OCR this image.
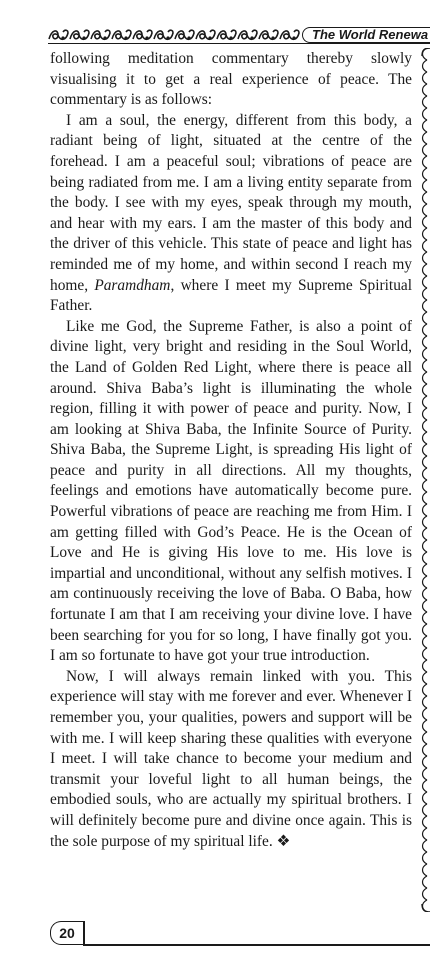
The World Renewa

following meditation commentary thereby slowly visualising it to get a real experience of peace. The commentary is as follows:

I am a soul, the energy, different from this body, a radiant being of light, situated at the centre of the forehead. I am a peaceful soul; vibrations of peace are being radiated from me. I am a living entity separate from the body. I see with my eyes, speak through my mouth, and hear with my ears. I am the master of this body and the driver of this vehicle. This state of peace and light has reminded me of my home, and within second I reach my home, Paramdham, where I meet my Supreme Spiritual Father.

Like me God, the Supreme Father, is also a point of divine light, very bright and residing in the Soul World, the Land of Golden Red Light, where there is peace all around. Shiva Baba’s light is illuminating the whole region, filling it with power of peace and purity. Now, I am looking at Shiva Baba, the Infinite Source of Purity. Shiva Baba, the Supreme Light, is spreading His light of peace and purity in all directions. All my thoughts, feelings and emotions have automatically become pure. Powerful vibrations of peace are reaching me from Him. I am getting filled with God’s Peace. He is the Ocean of Love and He is giving His love to me. His love is impartial and unconditional, without any selfish motives. I am continuously receiving the love of Baba. O Baba, how fortunate I am that I am receiving your divine love. I have been searching for you for so long, I have finally got you. I am so fortunate to have got your true introduction.

Now, I will always remain linked with you. This experience will stay with me forever and ever. Whenever I remember you, your qualities, powers and support will be with me. I will keep sharing these qualities with everyone I meet. I will take chance to become your medium and transmit your loveful light to all human beings, the embodied souls, who are actually my spiritual brothers. I will definitely become pure and divine once again. This is the sole purpose of my spiritual life. ❖

20
